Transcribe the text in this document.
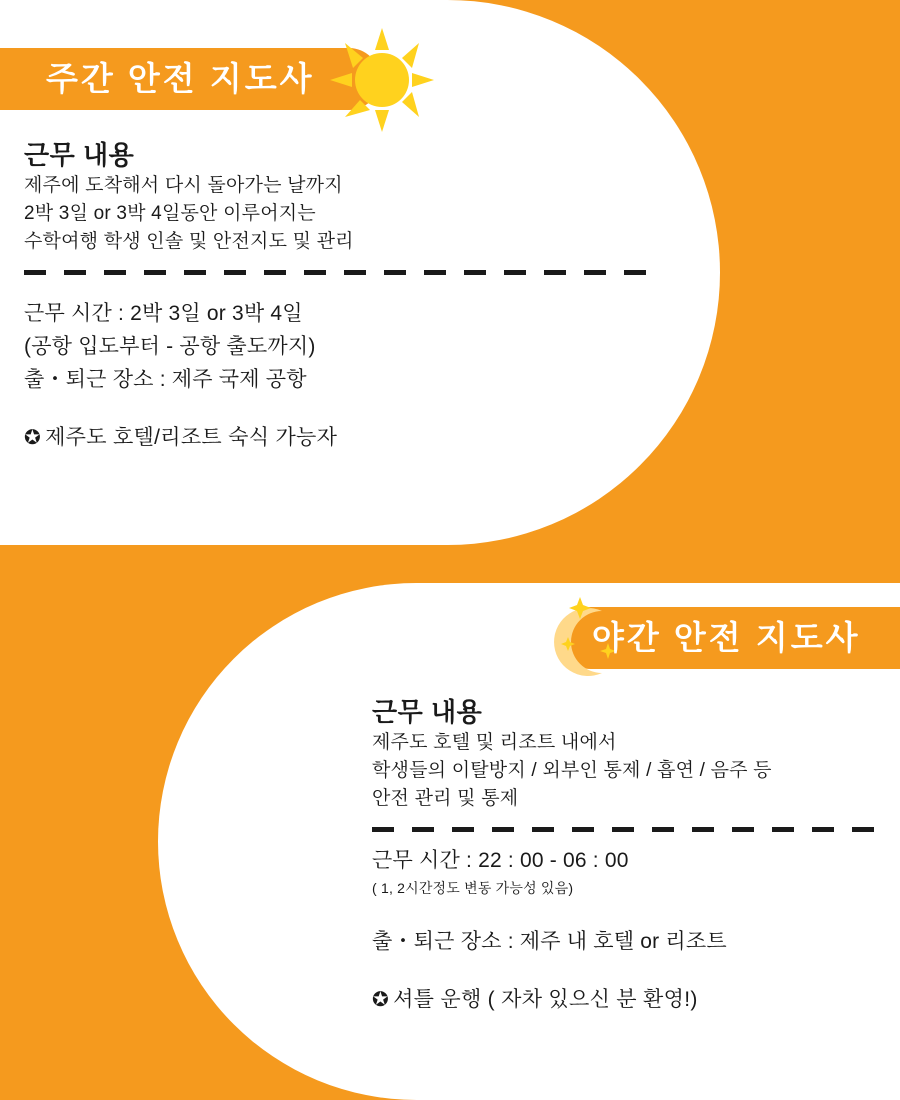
주간 안전 지도사
근무 내용
제주에 도착해서 다시 돌아가는 날까지
2박 3일 or 3박 4일동안 이루어지는
수학여행 학생 인솔 및 안전지도 및 관리
근무 시간 : 2박 3일 or 3박 4일
(공항 입도부터 - 공항 출도까지)
출・퇴근 장소 : 제주 국제 공항
✪ 제주도 호텔/리조트 숙식 가능자
야간 안전 지도사
근무 내용
제주도 호텔 및 리조트 내에서
학생들의 이탈방지 / 외부인 통제 / 흡연 / 음주 등
안전 관리 및 통제
근무 시간 : 22 : 00 - 06 : 00
( 1, 2시간정도 변동 가능성 있음)
출・퇴근 장소 : 제주 내 호텔 or 리조트
✪ 셔틀 운행 ( 자차 있으신 분 환영!)
